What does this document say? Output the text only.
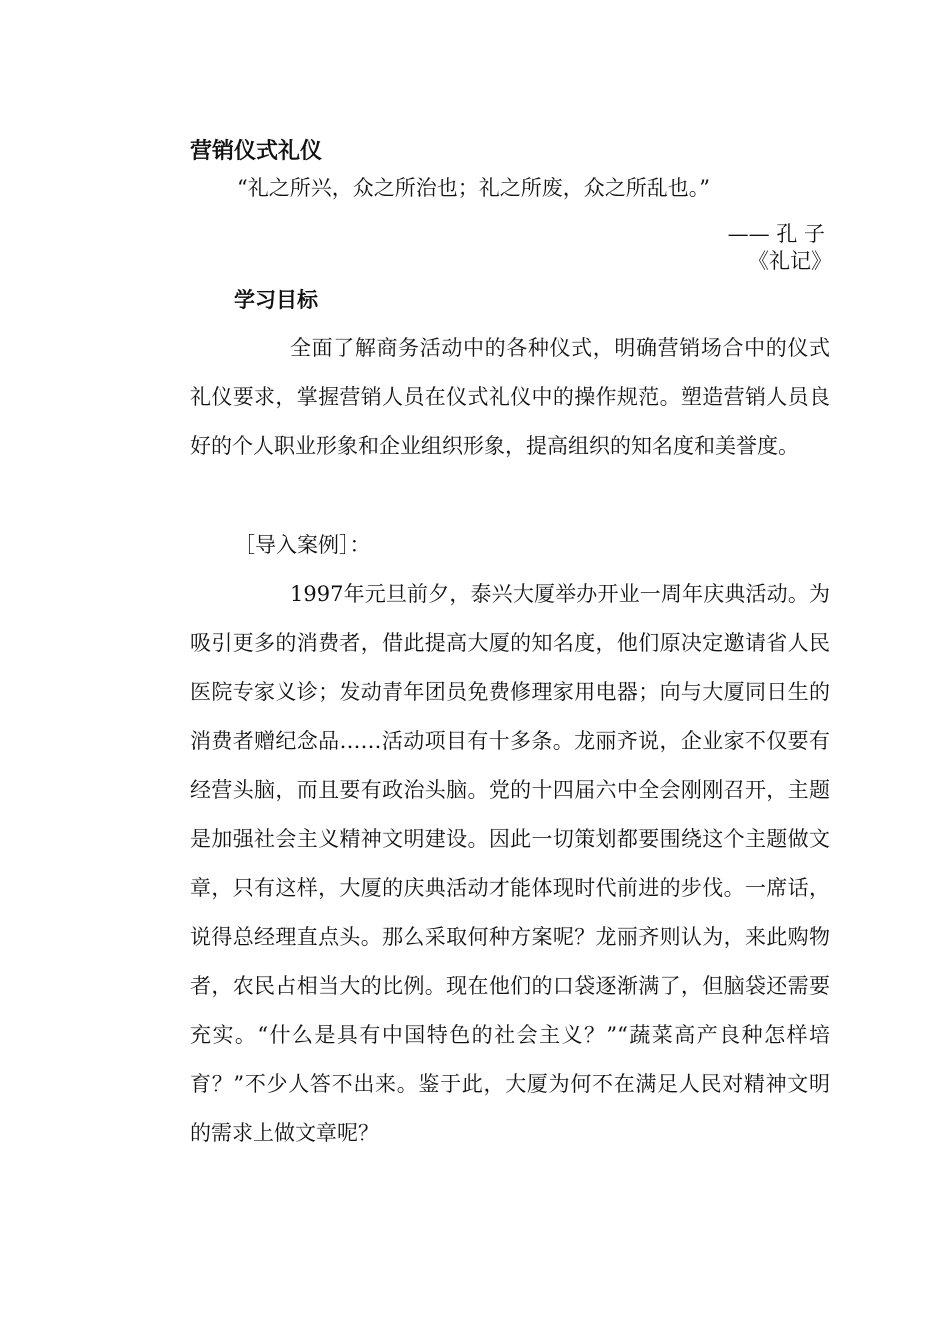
营销仪式礼仪
“礼之所兴，众之所治也；礼之所废，众之所乱也。”
—— 孔 子
《礼记》
学习目标
全面了解商务活动中的各种仪式，明确营销场合中的仪式礼仪要求，掌握营销人员在仪式礼仪中的操作规范。塑造营销人员良好的个人职业形象和企业组织形象，提高组织的知名度和美誉度。
［导入案例］：
1997年元旦前夕，泰兴大厦举办开业一周年庆典活动。为吸引更多的消费者，借此提高大厦的知名度，他们原决定邀请省人民医院专家义诊；发动青年团员免费修理家用电器；向与大厦同日生的消费者赠纪念品……活动项目有十多条。龙丽齐说，企业家不仅要有经营头脑，而且要有政治头脑。党的十四届六中全会刚刚召开，主题是加强社会主义精神文明建设。因此一切策划都要围绕这个主题做文章，只有这样，大厦的庆典活动才能体现时代前进的步伐。一席话，说得总经理直点头。那么采取何种方案呢？龙丽齐则认为，来此购物者，农民占相当大的比例。现在他们的口袋逐渐满了，但脑袋还需要充实。“什么是具有中国特色的社会主义？”“蔬菜高产良种怎样培育？”不少人答不出来。鉴于此，大厦为何不在满足人民对精神文明的需求上做文章呢？
